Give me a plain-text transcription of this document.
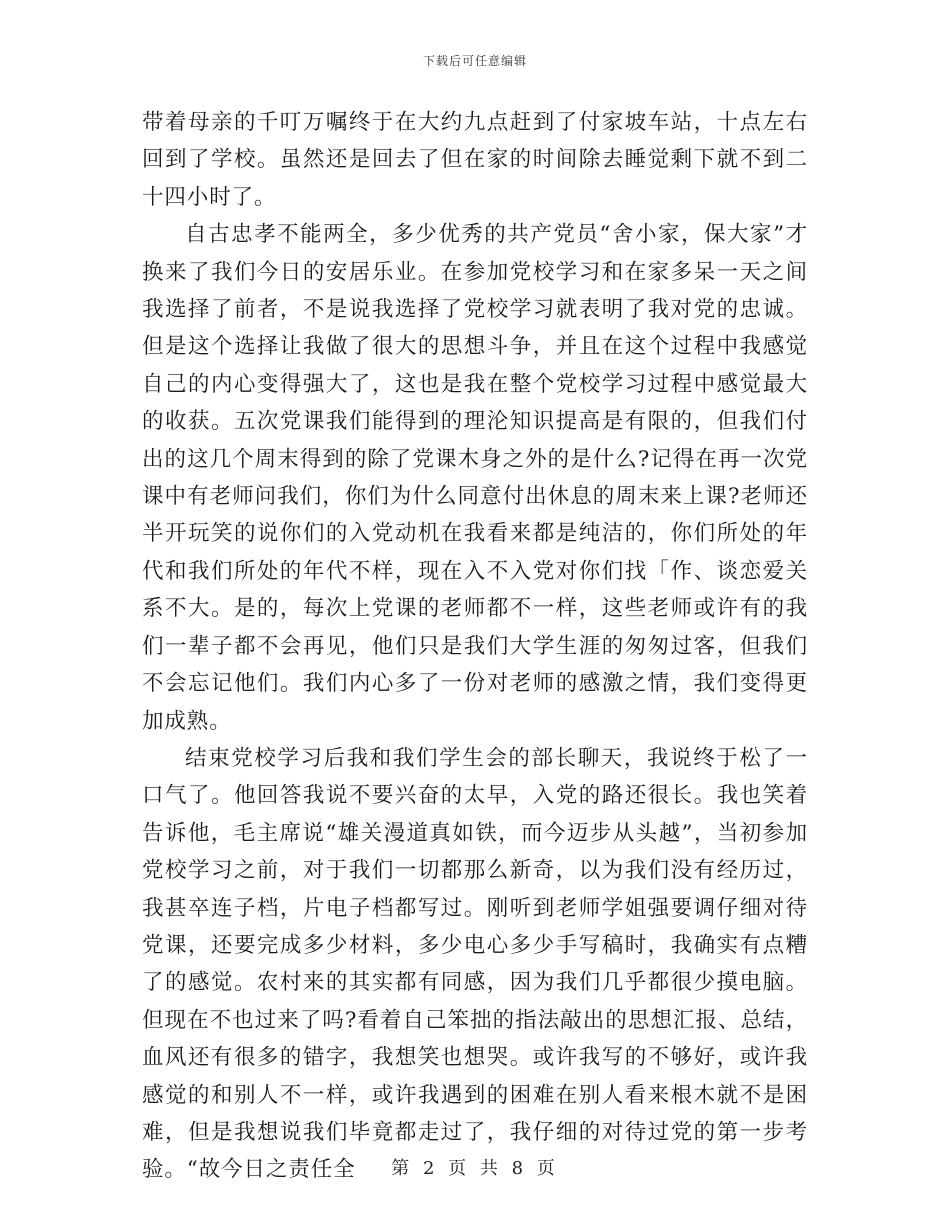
下载后可任意编辑

带着母亲的千叮万嘱终于在大约九点赶到了付家坡车站，十点左右回到了学校。虽然还是回去了但在家的时间除去睡觉剩下就不到二十四小时了。

自古忠孝不能两全，多少优秀的共产党员“舍小家，保大家”才换来了我们今日的安居乐业。在参加党校学习和在家多呆一天之间我选择了前者，不是说我选择了党校学习就表明了我对党的忠诚。但是这个选择让我做了很大的思想斗争，并且在这个过程中我感觉自己的内心变得强大了，这也是我在整个党校学习过程中感觉最大的收获。五次党课我们能得到的理沦知识提高是有限的，但我们付出的这几个周末得到的除了党课木身之外的是什么?记得在再一次党课中有老师问我们，你们为什么同意付出休息的周末来上课?老师还半开玩笑的说你们的入党动机在我看来都是纯洁的，你们所处的年代和我们所处的年代不样，现在入不入党对你们找「作、谈恋爱关系不大。是的，每次上党课的老师都不一样，这些老师或许有的我们一辈子都不会再见，他们只是我们大学生涯的匆匆过客，但我们不会忘记他们。我们内心多了一份对老师的感激之情，我们变得更加成熟。

结束党校学习后我和我们学生会的部长聊天，我说终于松了一口气了。他回答我说不要兴奋的太早，入党的路还很长。我也笑着告诉他，毛主席说“雄关漫道真如铁，而今迈步从头越”，当初参加党校学习之前，对于我们一切都那么新奇，以为我们没有经历过，我甚卒连子档，片电子档都写过。刚听到老师学姐强要调仔细对待党课，还要完成多少材料，多少电心多少手写稿时，我确实有点糟了的感觉。农村来的其实都有同感，因为我们几乎都很少摸电脑。但现在不也过来了吗?看着自己笨拙的指法敲出的思想汇报、总结，血风还有很多的错字，我想笑也想哭。或许我写的不够好，或许我感觉的和别人不一样，或许我遇到的困难在别人看来根木就不是困难，但是我想说我们毕竟都走过了，我仔细的对待过党的第一步考验。“故今日之责任全	第 2 页 共 8 页
